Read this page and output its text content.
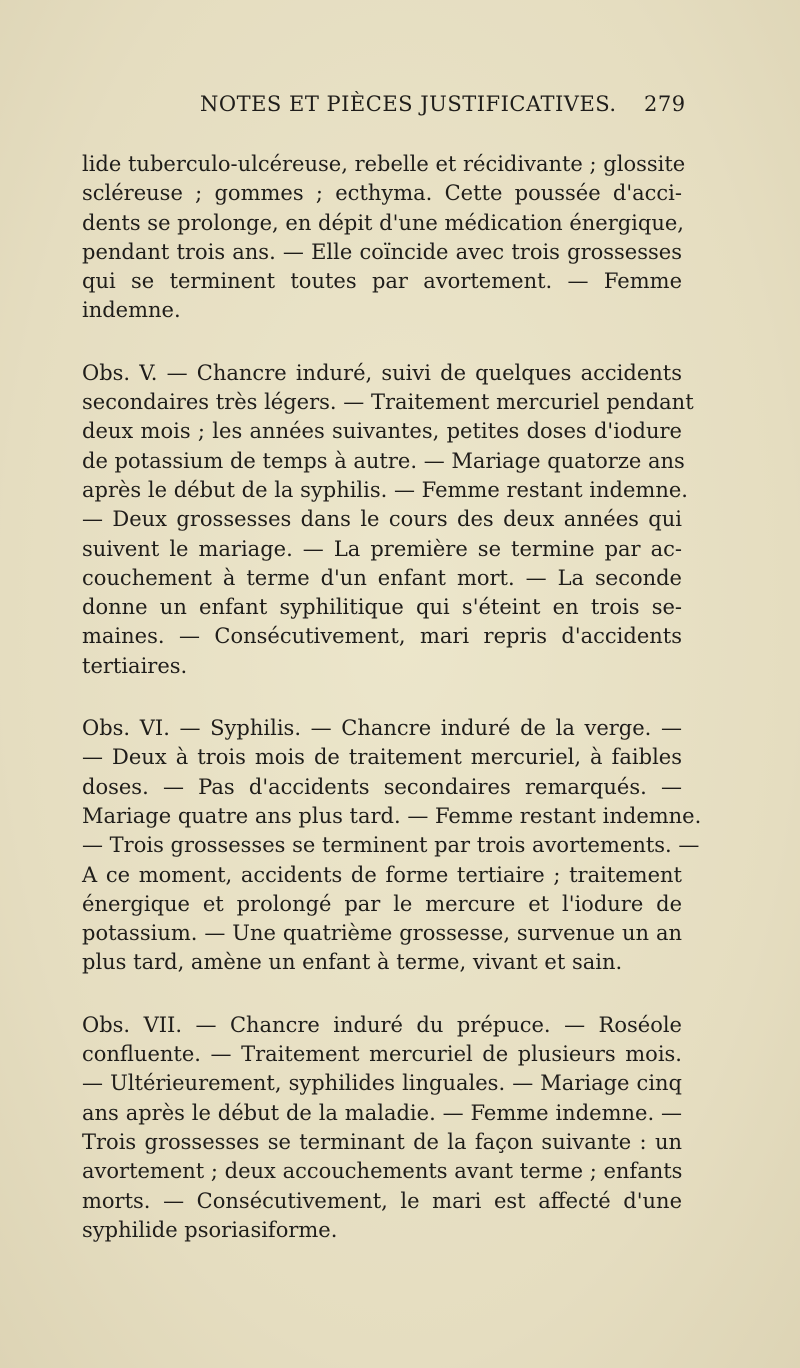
NOTES ET PIÈCES JUSTIFICATIVES. 279

lide tuberculo-ulcéreuse, rebelle et récidivante ; glossite
scléreuse ; gommes ; ecthyma. Cette poussée d'acci-
dents se prolonge, en dépit d'une médication énergique,
pendant trois ans. — Elle coïncide avec trois grossesses
qui se terminent toutes par avortement. — Femme
indemne.

Obs. V. — Chancre induré, suivi de quelques accidents
secondaires très légers. — Traitement mercuriel pendant
deux mois ; les années suivantes, petites doses d'iodure
de potassium de temps à autre. — Mariage quatorze ans
après le début de la syphilis. — Femme restant indemne.
— Deux grossesses dans le cours des deux années qui
suivent le mariage. — La première se termine par ac-
couchement à terme d'un enfant mort. — La seconde
donne un enfant syphilitique qui s'éteint en trois se-
maines. — Consécutivement, mari repris d'accidents
tertiaires.

Obs. VI. — Syphilis. — Chancre induré de la verge. —
— Deux à trois mois de traitement mercuriel, à faibles
doses. — Pas d'accidents secondaires remarqués. —
Mariage quatre ans plus tard. — Femme restant indemne.
— Trois grossesses se terminent par trois avortements. —
A ce moment, accidents de forme tertiaire ; traitement
énergique et prolongé par le mercure et l'iodure de
potassium. — Une quatrième grossesse, survenue un an
plus tard, amène un enfant à terme, vivant et sain.

Obs. VII. — Chancre induré du prépuce. — Roséole
confluente. — Traitement mercuriel de plusieurs mois.
— Ultérieurement, syphilides linguales. — Mariage cinq
ans après le début de la maladie. — Femme indemne. —
Trois grossesses se terminant de la façon suivante : un
avortement ; deux accouchements avant terme ; enfants
morts. — Consécutivement, le mari est affecté d'une
syphilide psoriasiforme.
